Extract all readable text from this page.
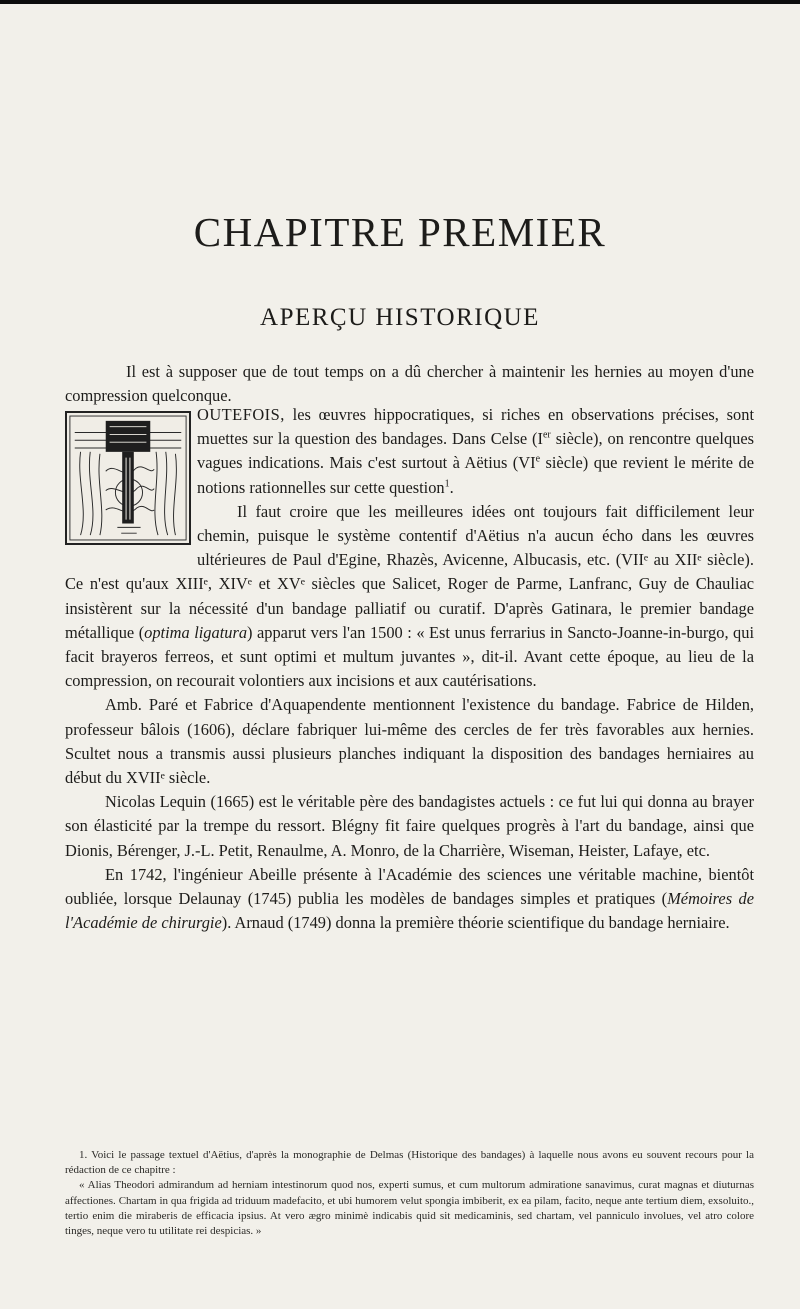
CHAPITRE PREMIER
APERÇU HISTORIQUE

Il est à supposer que de tout temps on a dû chercher à maintenir les hernies au moyen d'une compression quelconque.

OUTEFOIS, les œuvres hippocratiques, si riches en observations précises, sont muettes sur la question des bandages. Dans Celse (Ier siècle), on rencontre quelques vagues indications. Mais c'est surtout à Aëtius (VIe siècle) que revient le mérite de notions rationnelles sur cette question$^1$.

Il faut croire que les meilleures idées ont toujours fait difficilement leur chemin, puisque le système contentif d'Aëtius n'a aucun écho dans les œuvres ultérieures de Paul d'Egine, Rhazès, Avicenne, Albucasis, etc. (VIIᵉ au XIIᵉ siècle). Ce n'est qu'aux XIIIᵉ, XIVᵉ et XVᵉ siècles que Salicet, Roger de Parme, Lanfranc, Guy de Chauliac insistèrent sur la nécessité d'un bandage palliatif ou curatif. D'après Gatinara, le premier bandage métallique (optima ligatura) apparut vers l'an 1500 : « Est unus ferrarius in Sancto-Joanne-in-burgo, qui facit brayeros ferreos, et sunt optimi et multum juvantes », dit-il. Avant cette époque, au lieu de la compression, on recourait volontiers aux incisions et aux cautérisations.

Amb. Paré et Fabrice d'Aquapendente mentionnent l'existence du bandage. Fabrice de Hilden, professeur bâlois (1606), déclare fabriquer lui-même des cercles de fer très favorables aux hernies. Scultet nous a transmis aussi plusieurs planches indiquant la disposition des bandages herniaires au début du XVIIᵉ siècle.

Nicolas Lequin (1665) est le véritable père des bandagistes actuels : ce fut lui qui donna au brayer son élasticité par la trempe du ressort. Blégny fit faire quelques progrès à l'art du bandage, ainsi que Dionis, Bérenger, J.-L. Petit, Renaulme, A. Monro, de la Charrière, Wiseman, Heister, Lafaye, etc.

En 1742, l'ingénieur Abeille présente à l'Académie des sciences une véritable machine, bientôt oubliée, lorsque Delaunay (1745) publia les modèles de bandages simples et pratiques (Mémoires de l'Académie de chirurgie). Arnaud (1749) donna la première théorie scientifique du bandage herniaire.

1. Voici le passage textuel d'Aëtius, d'après la monographie de Delmas (Historique des bandages) à laquelle nous avons eu souvent recours pour la rédaction de ce chapitre :

« Alias Theodori admirandum ad herniam intestinorum quod nos, experti sumus, et cum multorum admiratione sanavimus, curat magnas et diuturnas affectiones. Chartam in qua frigida ad triduum madefacito, et ubi humorem velut spongia imbiberit, ex ea pilam, facito, neque ante tertium diem, exsoluito., tertio enim die miraberis de efficacia ipsius. At vero ægro minimè indicabis quid sit medicaminis, sed chartam, vel panniculo involues, vel atro colore tinges, neque vero tu utilitate rei despicias. »
